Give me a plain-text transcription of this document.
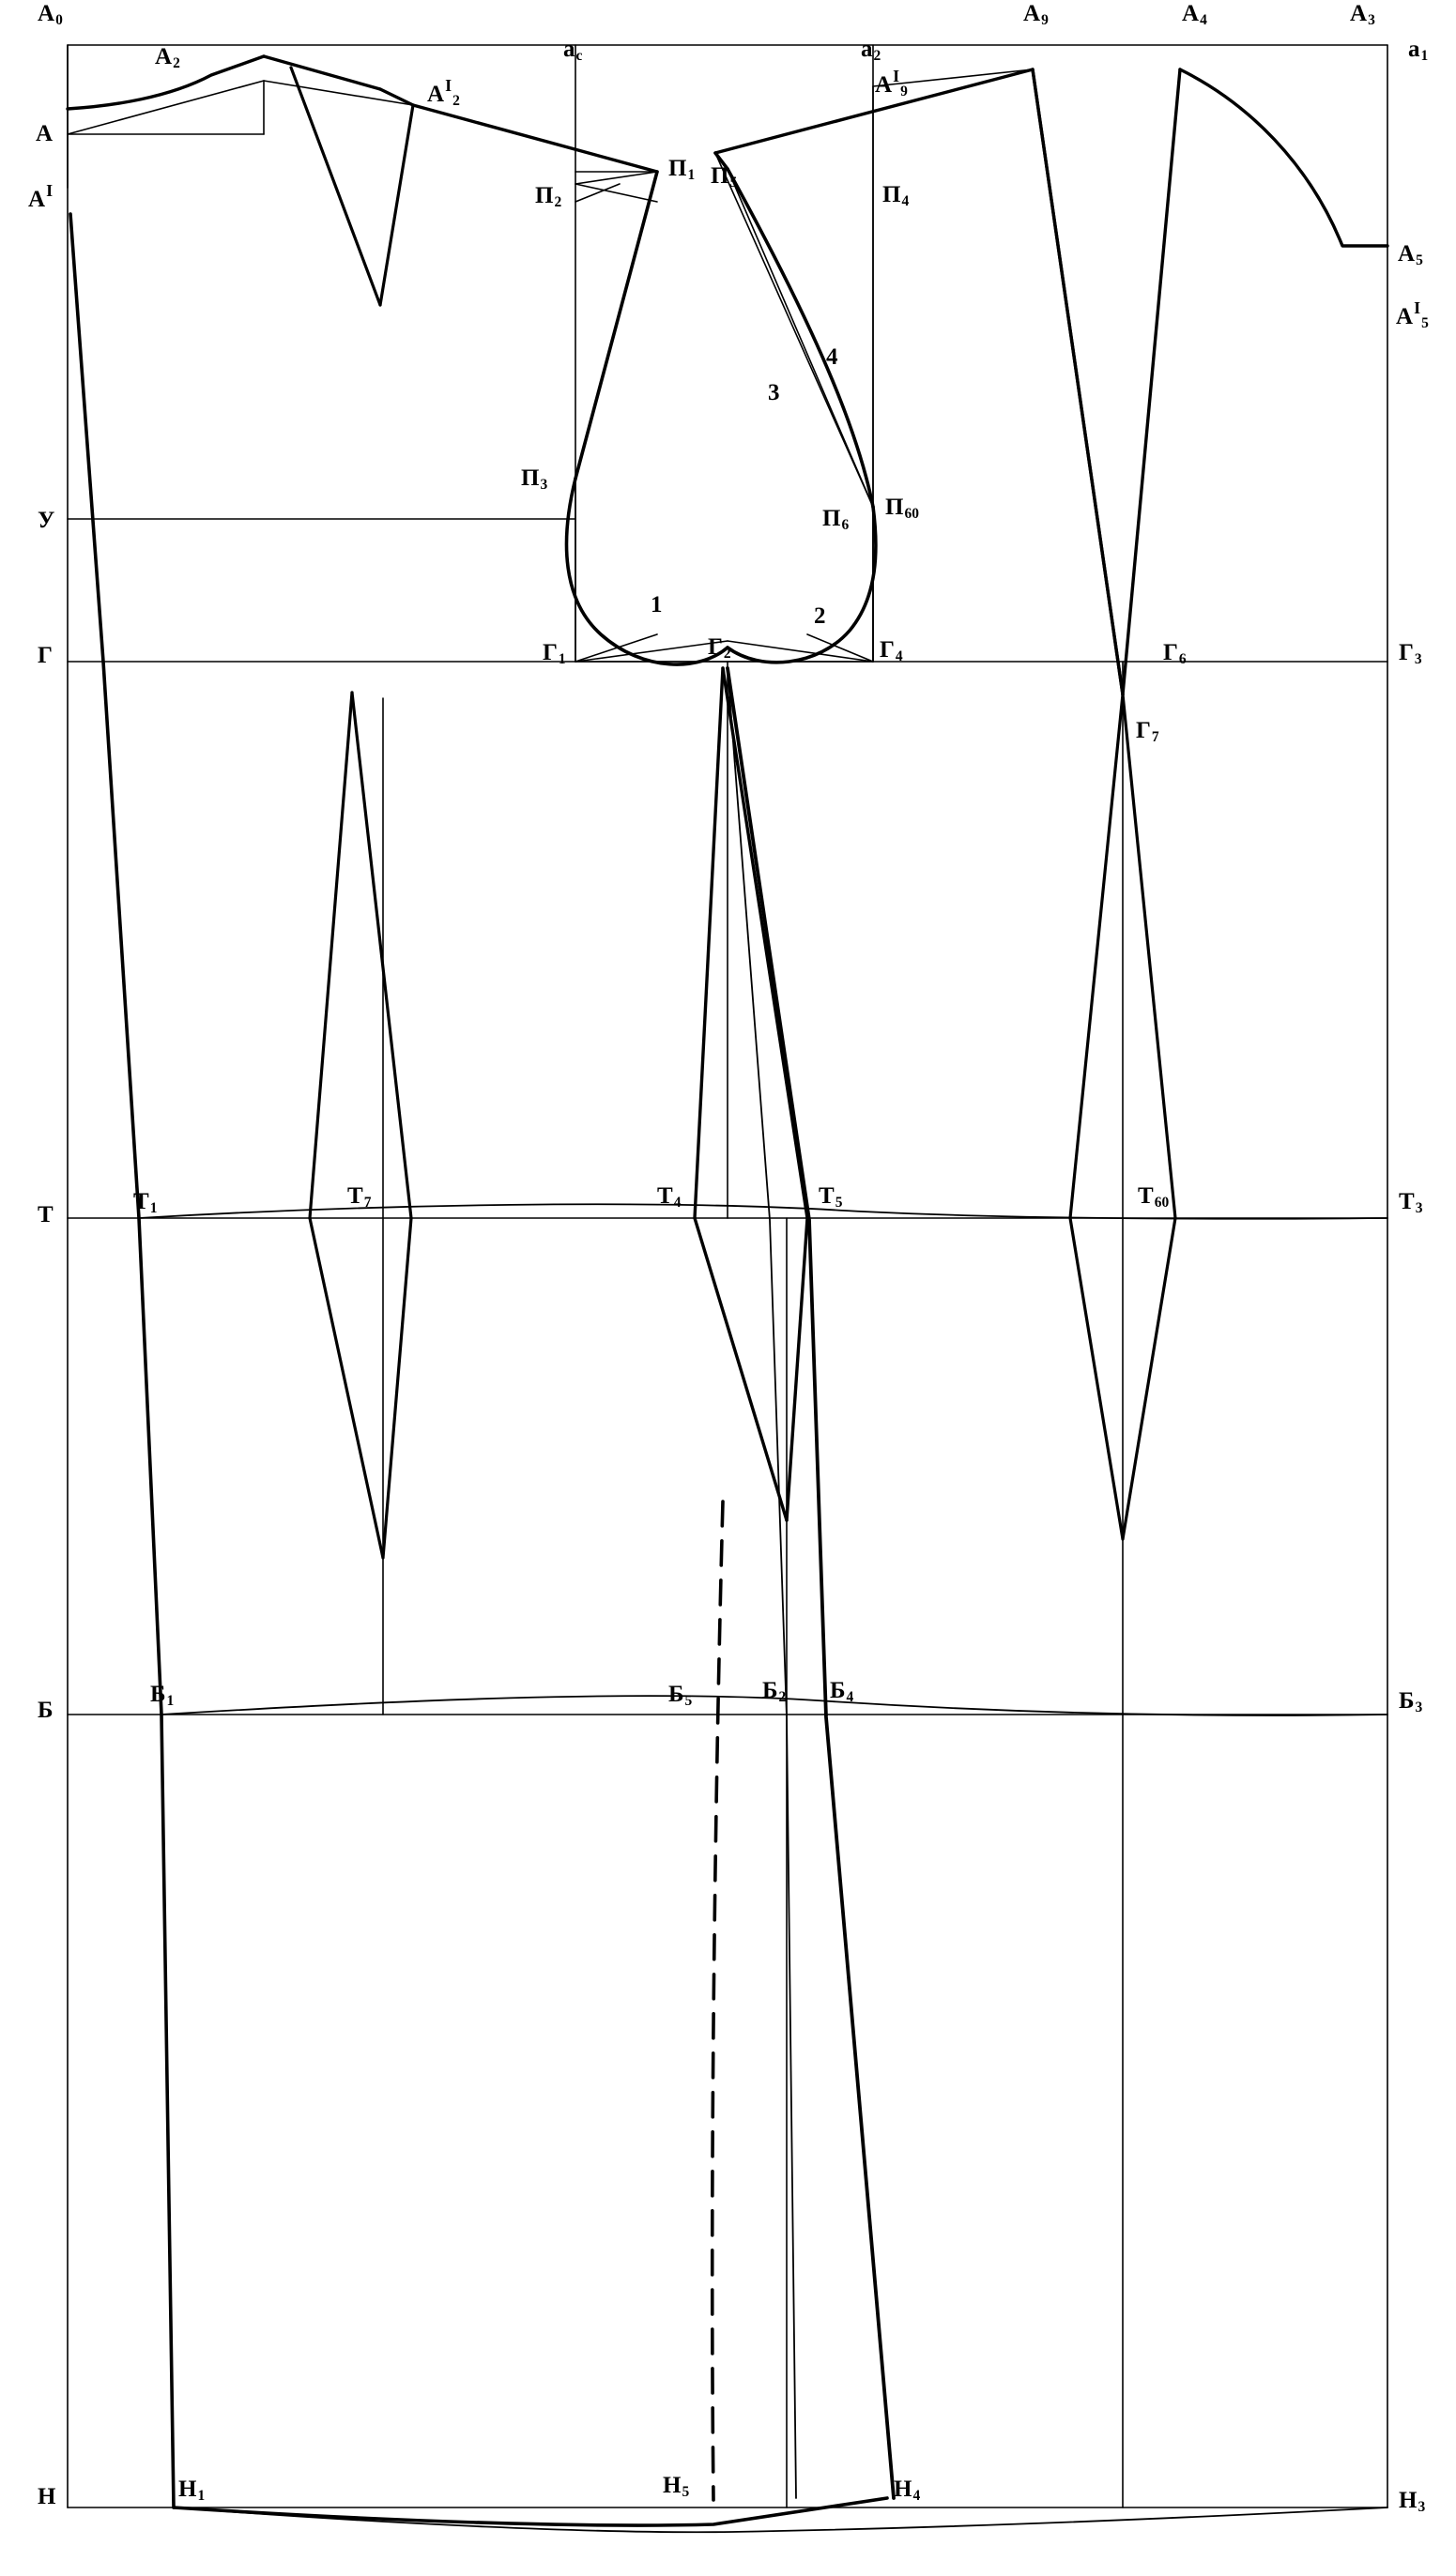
$A_0$
$A_2$
$a_c$	$a_2$
$A_9$	$A_4$	$A_3$
$a_1$
A
$A^I$
$A^I_2$
$A^I_9$
$A_5$
$A^I_5$
$П_1$ $П_5$
$П_2$	$П_4$
$П_3$
$П_6$
$П_{60}$
4
3
1	2
$Г_1$	$Г_2$	$Г_4$	$Г_6$	$Г_3$
$Г_7$
У
Г
Т
$Т_1$	$Т_7$	$Т_4$	$Т_5$	$Т_{60}$	$Т_3$
Б
$Б_1$	$Б_5$	$Б_2$ $Б_4$	$Б_3$
Н	$Н_1$	$Н_5$	$Н_4$	$Н_3$
